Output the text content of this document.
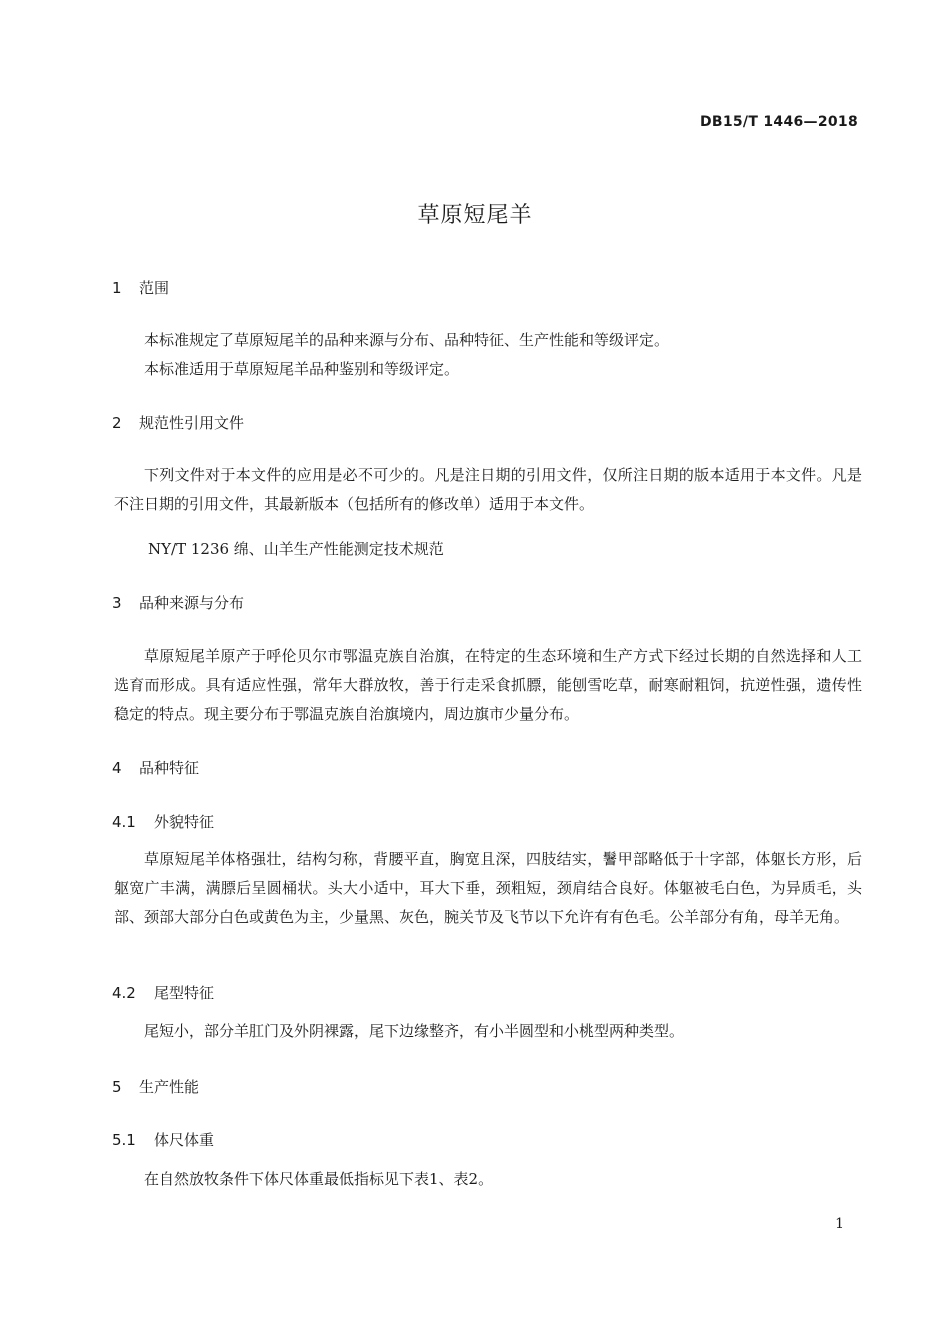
DB15/T 1446—2018
草原短尾羊
1 范围
本标准规定了草原短尾羊的品种来源与分布、品种特征、生产性能和等级评定。
本标准适用于草原短尾羊品种鉴别和等级评定。
2 规范性引用文件
下列文件对于本文件的应用是必不可少的。凡是注日期的引用文件，仅所注日期的版本适用于本文件。凡是不注日期的引用文件，其最新版本（包括所有的修改单）适用于本文件。
NY/T 1236 绵、山羊生产性能测定技术规范
3 品种来源与分布
草原短尾羊原产于呼伦贝尔市鄂温克族自治旗，在特定的生态环境和生产方式下经过长期的自然选择和人工选育而形成。具有适应性强，常年大群放牧，善于行走采食抓膘，能刨雪吃草，耐寒耐粗饲，抗逆性强，遗传性稳定的特点。现主要分布于鄂温克族自治旗境内，周边旗市少量分布。
4 品种特征
4.1 外貌特征
草原短尾羊体格强壮，结构匀称，背腰平直，胸宽且深，四肢结实，鬐甲部略低于十字部，体躯长方形，后躯宽广丰满，满膘后呈圆桶状。头大小适中，耳大下垂，颈粗短，颈肩结合良好。体躯被毛白色，为异质毛，头部、颈部大部分白色或黄色为主，少量黑、灰色，腕关节及飞节以下允许有有色毛。公羊部分有角，母羊无角。
4.2 尾型特征
尾短小，部分羊肛门及外阴裸露，尾下边缘整齐，有小半圆型和小桃型两种类型。
5 生产性能
5.1 体尺体重
在自然放牧条件下体尺体重最低指标见下表1、表2。
1
